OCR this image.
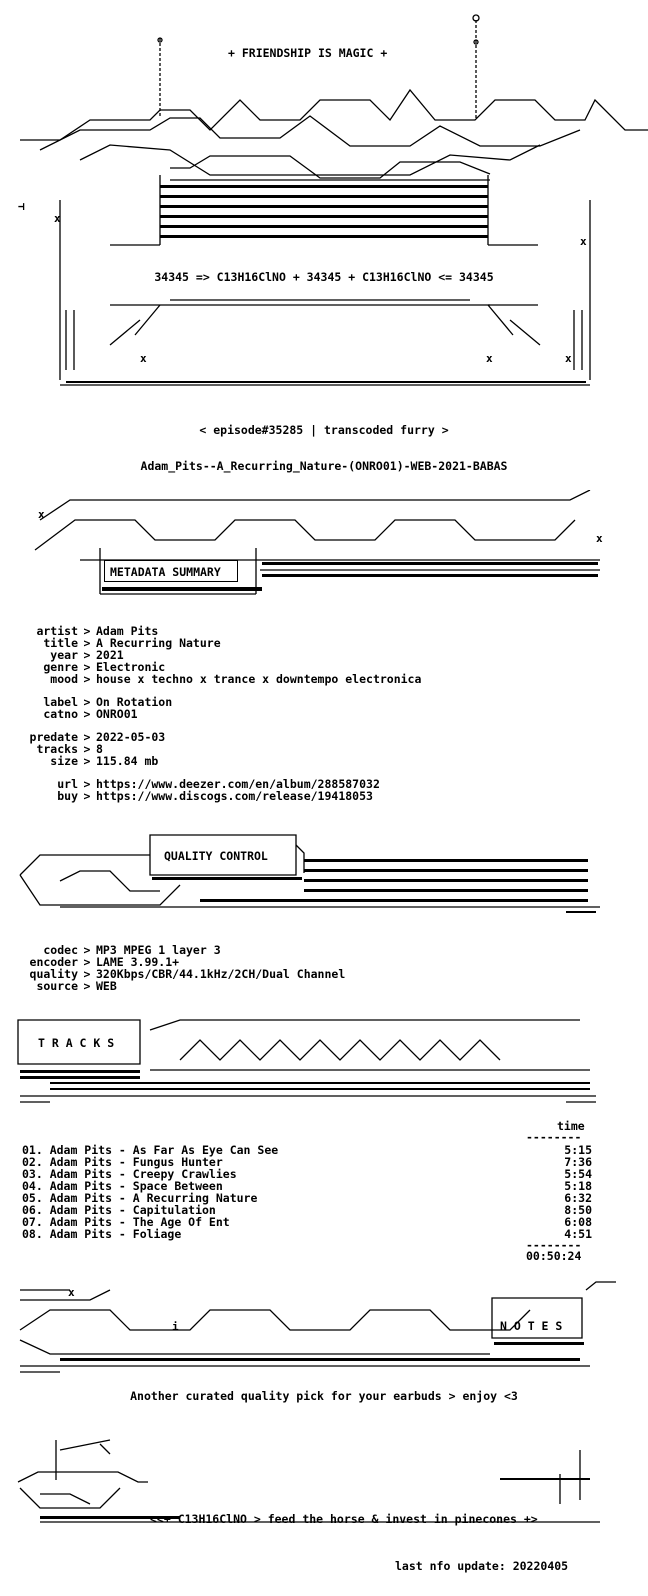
⊣
x
x
x	x	x
+ FRIENDSHIP IS MAGIC +
34345 => C13H16ClNO + 34345 + C13H16ClNO <= 34345
< episode#35285 | transcoded furry >
Adam_Pits--A_Recurring_Nature-(ONRO01)-WEB-2021-BABAS
x
x
METADATA SUMMARY
artist > Adam Pits
title > A Recurring Nature
year > 2021
genre > Electronic
mood > house x techno x trance x downtempo electronica
label > On Rotation
catno > ONRO01
predate > 2022-05-03
tracks > 8
size > 115.84 mb
url > https://www.deezer.com/en/album/288587032
buy > https://www.discogs.com/release/19418053
QUALITY CONTROL
codec > MP3 MPEG 1 layer 3
encoder > LAME 3.99.1+
quality > 320Kbps/CBR/44.1kHz/2CH/Dual Channel
source > WEB
T R A C K S
time
--------
01. Adam Pits - As Far As Eye Can See	5:15
02. Adam Pits - Fungus Hunter	7:36
03. Adam Pits - Creepy Crawlies	5:54
04. Adam Pits - Space Between	5:18
05. Adam Pits - A Recurring Nature	6:32
06. Adam Pits - Capitulation	8:50
07. Adam Pits - The Age Of Ent	6:08
08. Adam Pits - Foliage	4:51
--------
00:50:24
x
i	N O T E S
Another curated quality pick for your earbuds > enjoy <3
<<+ C13H16ClNO > feed the horse & invest in pinecones +>
last nfo update: 20220405
